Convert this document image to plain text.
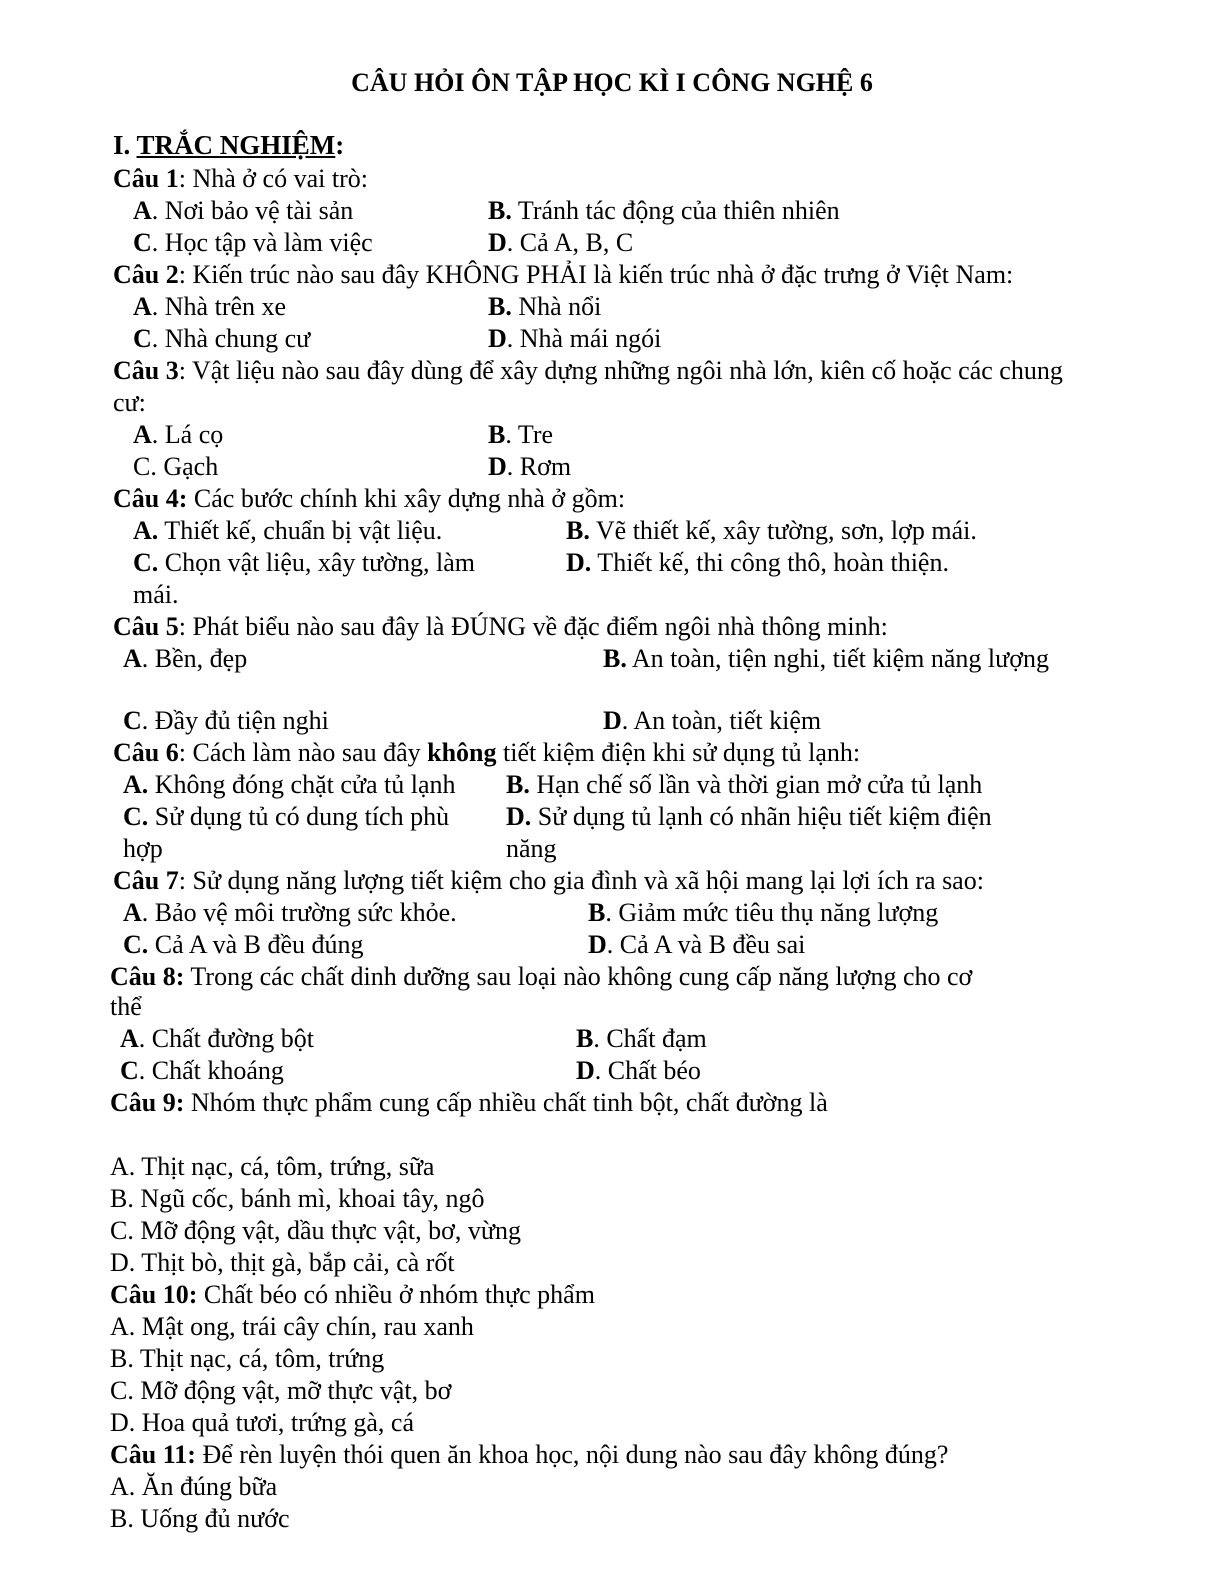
CÂU HỎI ÔN TẬP HỌC KÌ I CÔNG NGHỆ 6
I. TRẮC NGHIỆM:
Câu 1: Nhà ở có vai trò:
A. Nơi bảo vệ tài sản	B. Tránh tác động của thiên nhiên
C. Học tập và làm việc	D. Cả A, B, C
Câu 2: Kiến trúc nào sau đây KHÔNG PHẢI là kiến trúc nhà ở đặc trưng ở Việt Nam:
A. Nhà trên xe	B. Nhà nổi
C. Nhà chung cư	D. Nhà mái ngói
Câu 3: Vật liệu nào sau đây dùng để xây dựng những ngôi nhà lớn, kiên cố hoặc các chung
cư:
A. Lá cọ	B. Tre
C. Gạch	D. Rơm
Câu 4: Các bước chính khi xây dựng nhà ở gồm:
A. Thiết kế, chuẩn bị vật liệu.	B. Vẽ thiết kế, xây tường, sơn, lợp mái.
C. Chọn vật liệu, xây tường, làm	D. Thiết kế, thi công thô, hoàn thiện.
mái.
Câu 5: Phát biểu nào sau đây là ĐÚNG về đặc điểm ngôi nhà thông minh:
A. Bền, đẹp	B. An toàn, tiện nghi, tiết kiệm năng lượng
C. Đầy đủ tiện nghi	D. An toàn, tiết kiệm
Câu 6: Cách làm nào sau đây không tiết kiệm điện khi sử dụng tủ lạnh:
A. Không đóng chặt cửa tủ lạnh B. Hạn chế số lần và thời gian mở cửa tủ lạnh
C. Sử dụng tủ có dung tích phù D. Sử dụng tủ lạnh có nhãn hiệu tiết kiệm điện
hợp	năng
Câu 7: Sử dụng năng lượng tiết kiệm cho gia đình và xã hội mang lại lợi ích ra sao:
A. Bảo vệ môi trường sức khỏe.	B. Giảm mức tiêu thụ năng lượng
C. Cả A và B đều đúng	D. Cả A và B đều sai
Câu 8: Trong các chất dinh dưỡng sau loại nào không cung cấp năng lượng cho cơ
thể
A. Chất đường bột	B. Chất đạm
C. Chất khoáng	D. Chất béo
Câu 9: Nhóm thực phẩm cung cấp nhiều chất tinh bột, chất đường là
A. Thịt nạc, cá, tôm, trứng, sữa
B. Ngũ cốc, bánh mì, khoai tây, ngô
C. Mỡ động vật, dầu thực vật, bơ, vừng
D. Thịt bò, thịt gà, bắp cải, cà rốt
Câu 10: Chất béo có nhiều ở nhóm thực phẩm
A. Mật ong, trái cây chín, rau xanh
B. Thịt nạc, cá, tôm, trứng
C. Mỡ động vật, mỡ thực vật, bơ
D. Hoa quả tươi, trứng gà, cá
Câu 11: Để rèn luyện thói quen ăn khoa học, nội dung nào sau đây không đúng?
A. Ăn đúng bữa
B. Uống đủ nước
